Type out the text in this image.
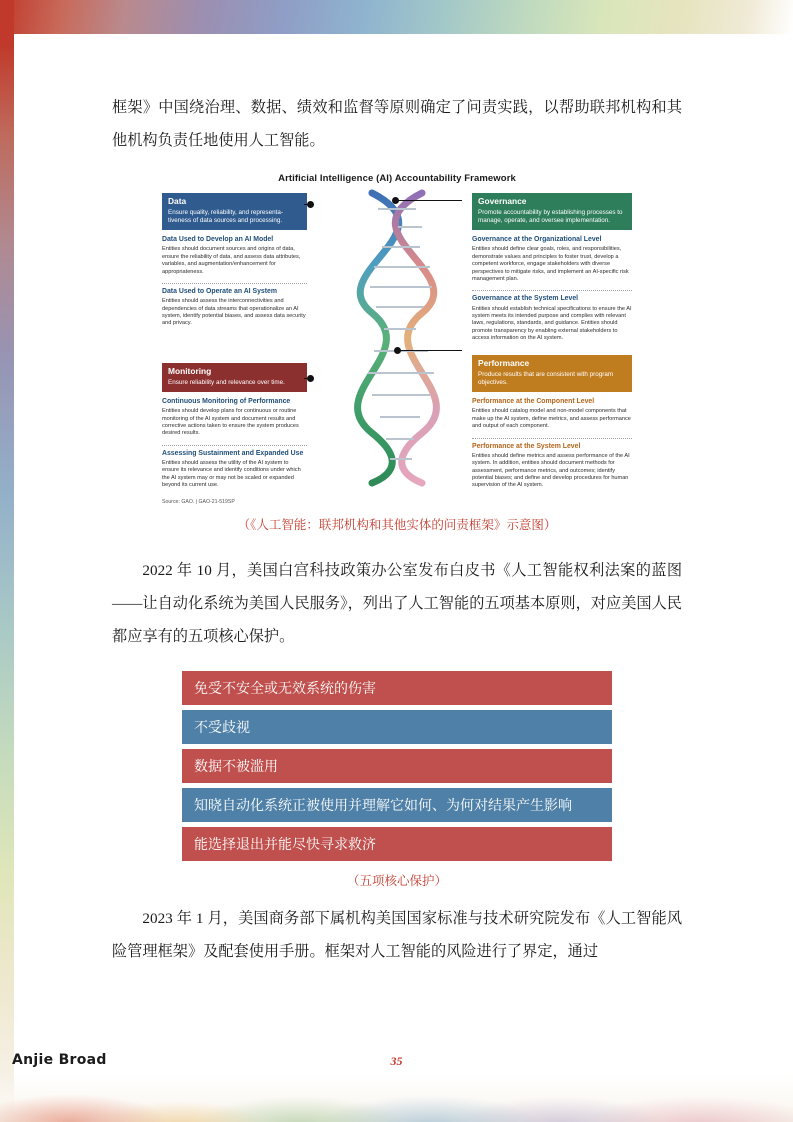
框架》中国绕治理、数据、绩效和监督等原则确定了问责实践，以帮助联邦机构和其他机构负责任地使用人工智能。

Artificial Intelligence (AI) Accountability Framework
Data
Ensure quality, reliability, and representa-tiveness of data sources and processing.
Data Used to Develop an AI Model
Entities should document sources and origins of data, ensure the reliability of data, and assess data attributes, variables, and augmentation/enhancement for appropriateness.
Data Used to Operate an AI System
Entities should assess the interconnectivities and dependencies of data streams that operationalize an AI system, identify potential biases, and assess data security and privacy.
Monitoring
Ensure reliability and relevance over time.
Continuous Monitoring of Performance
Entities should develop plans for continuous or routine monitoring of the AI system and document results and corrective actions taken to ensure the system produces desired results.
Assessing Sustainment and Expanded Use
Entities should assess the utility of the AI system to ensure its relevance and identify conditions under which the AI system may or may not be scaled or expanded beyond its current use.
Governance
Promote accountability by establishing processes to manage, operate, and oversee implementation.
Governance at the Organizational Level
Entities should define clear goals, roles, and responsibilities, demonstrate values and principles to foster trust, develop a competent workforce, engage stakeholders with diverse perspectives to mitigate risks, and implement an AI-specific risk management plan.
Governance at the System Level
Entities should establish technical specifications to ensure the AI system meets its intended purpose and complies with relevant laws, regulations, standards, and guidance. Entities should promote transparency by enabling external stakeholders to access information on the AI system.
Performance
Produce results that are consistent with program objectives.
Performance at the Component Level
Entities should catalog model and non-model components that make up the AI system, define metrics, and assess performance and output of each component.
Performance at the System Level
Entities should define metrics and assess performance of the AI system. In addition, entities should document methods for assessment, performance metrics, and outcomes; identify potential biases; and define and develop procedures for human supervision of the AI system.
Source: GAO. | GAO-21-519SP

（《人工智能：联邦机构和其他实体的问责框架》示意图）

2022 年 10 月，美国白宫科技政策办公室发布白皮书《人工智能权利法案的蓝图——让自动化系统为美国人民服务》，列出了人工智能的五项基本原则，对应美国人民都应享有的五项核心保护。

免受不安全或无效系统的伤害
不受歧视
数据不被滥用
知晓自动化系统正被使用并理解它如何、为何对结果产生影响
能选择退出并能尽快寻求救济

（五项核心保护）

2023 年 1 月，美国商务部下属机构美国国家标准与技术研究院发布《人工智能风险管理框架》及配套使用手册。框架对人工智能的风险进行了界定，通过

Anjie Broad	35
